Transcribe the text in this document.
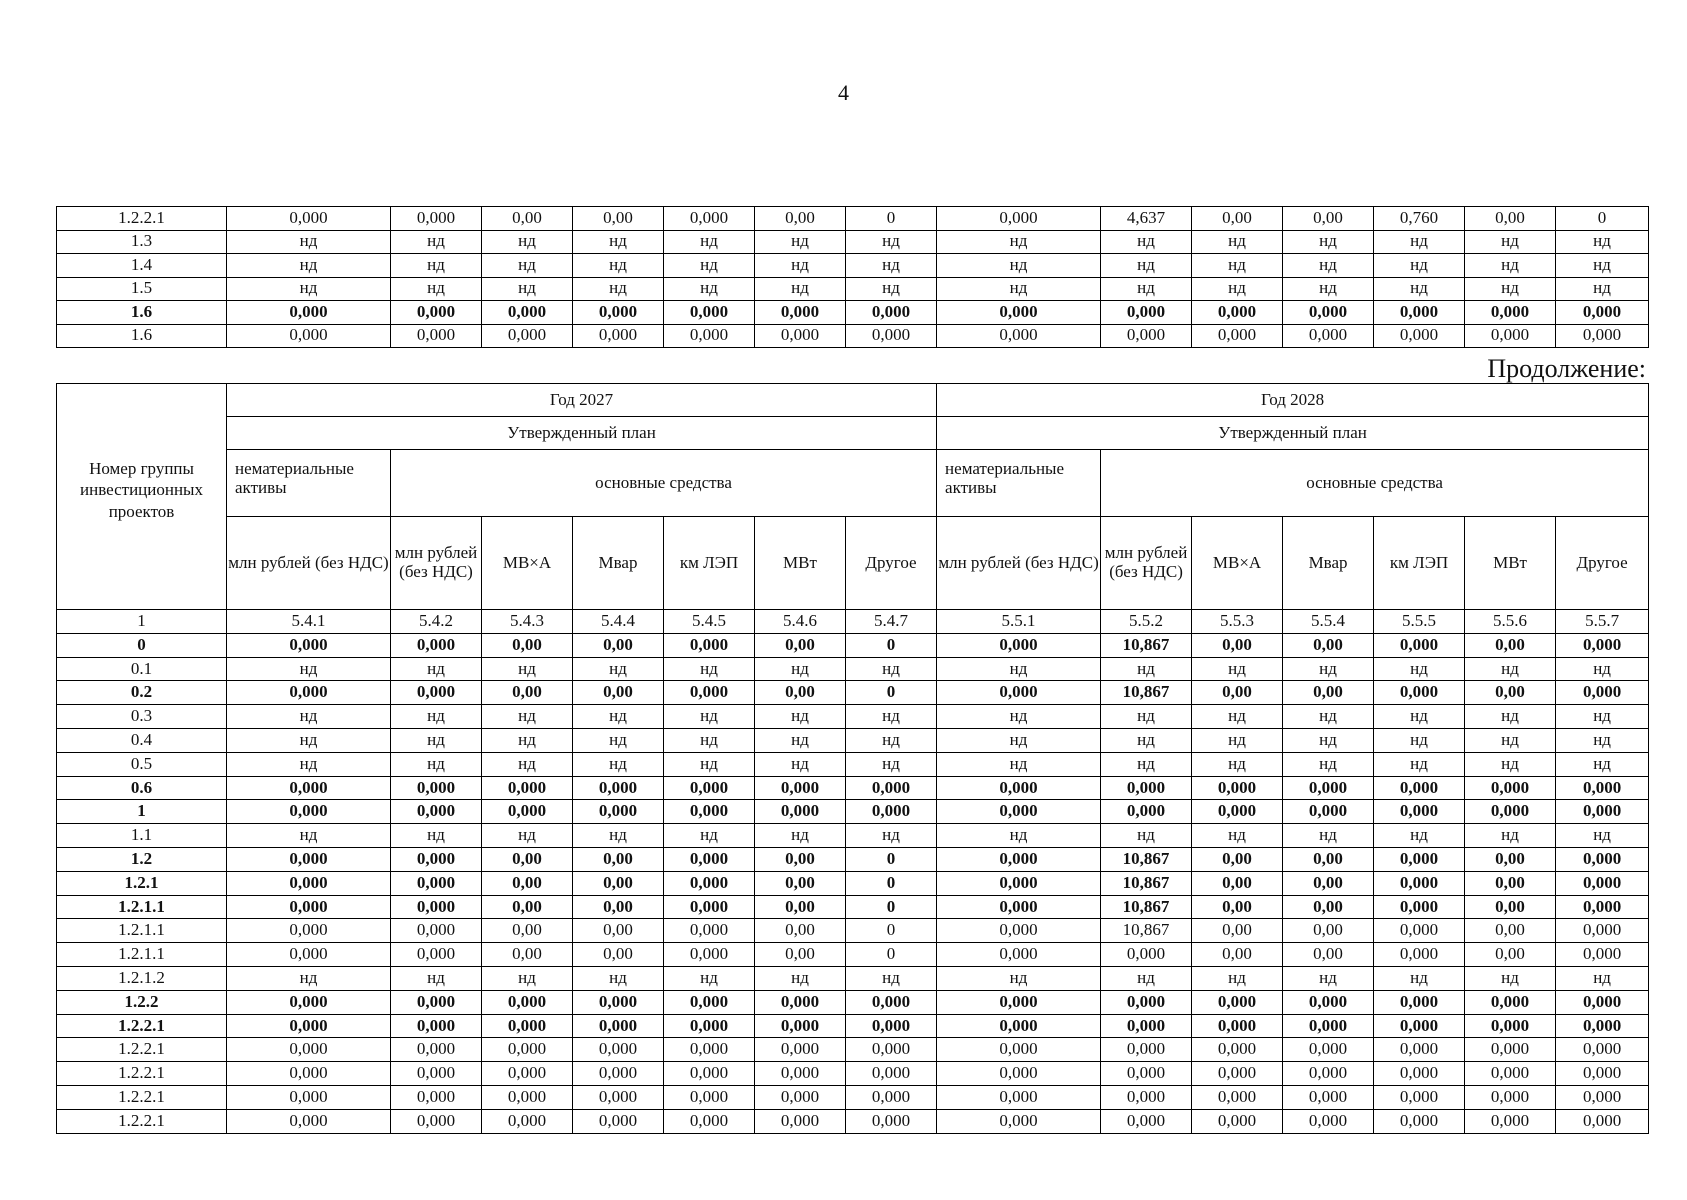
4
1.2.2.1	0,000	0,000	0,00	0,00	0,000	0,00	0	0,000	4,637	0,00	0,00	0,760	0,00	0
1.3	нд	нд	нд	нд	нд	нд	нд	нд	нд	нд	нд	нд	нд	нд
1.4	нд	нд	нд	нд	нд	нд	нд	нд	нд	нд	нд	нд	нд	нд
1.5	нд	нд	нд	нд	нд	нд	нд	нд	нд	нд	нд	нд	нд	нд
1.6	0,000	0,000	0,000	0,000	0,000	0,000	0,000	0,000	0,000	0,000	0,000	0,000	0,000	0,000
1.6	0,000	0,000	0,000	0,000	0,000	0,000	0,000	0,000	0,000	0,000	0,000	0,000	0,000	0,000
Продолжение:
Номер группы инвестиционных проектов	Год 2027							Год 2028						
	Утвержденный план							Утвержденный план						
	нематериальные активы	основные средства						нематериальные активы	основные средства					
	млн рублей (без НДС)	млн рублей (без НДС)	МВ×А	Мвар	км ЛЭП	МВт	Другое	млн рублей (без НДС)	млн рублей (без НДС)	МВ×А	Мвар	км ЛЭП	МВт	Другое
1	5.4.1	5.4.2	5.4.3	5.4.4	5.4.5	5.4.6	5.4.7	5.5.1	5.5.2	5.5.3	5.5.4	5.5.5	5.5.6	5.5.7
0	0,000	0,000	0,00	0,00	0,000	0,00	0	0,000	10,867	0,00	0,00	0,000	0,00	0,000
0.1	нд	нд	нд	нд	нд	нд	нд	нд	нд	нд	нд	нд	нд	нд
0.2	0,000	0,000	0,00	0,00	0,000	0,00	0	0,000	10,867	0,00	0,00	0,000	0,00	0,000
0.3	нд	нд	нд	нд	нд	нд	нд	нд	нд	нд	нд	нд	нд	нд
0.4	нд	нд	нд	нд	нд	нд	нд	нд	нд	нд	нд	нд	нд	нд
0.5	нд	нд	нд	нд	нд	нд	нд	нд	нд	нд	нд	нд	нд	нд
0.6	0,000	0,000	0,000	0,000	0,000	0,000	0,000	0,000	0,000	0,000	0,000	0,000	0,000	0,000
1	0,000	0,000	0,000	0,000	0,000	0,000	0,000	0,000	0,000	0,000	0,000	0,000	0,000	0,000
1.1	нд	нд	нд	нд	нд	нд	нд	нд	нд	нд	нд	нд	нд	нд
1.2	0,000	0,000	0,00	0,00	0,000	0,00	0	0,000	10,867	0,00	0,00	0,000	0,00	0,000
1.2.1	0,000	0,000	0,00	0,00	0,000	0,00	0	0,000	10,867	0,00	0,00	0,000	0,00	0,000
1.2.1.1	0,000	0,000	0,00	0,00	0,000	0,00	0	0,000	10,867	0,00	0,00	0,000	0,00	0,000
1.2.1.1	0,000	0,000	0,00	0,00	0,000	0,00	0	0,000	10,867	0,00	0,00	0,000	0,00	0,000
1.2.1.1	0,000	0,000	0,00	0,00	0,000	0,00	0	0,000	0,000	0,00	0,00	0,000	0,00	0,000
1.2.1.2	нд	нд	нд	нд	нд	нд	нд	нд	нд	нд	нд	нд	нд	нд
1.2.2	0,000	0,000	0,000	0,000	0,000	0,000	0,000	0,000	0,000	0,000	0,000	0,000	0,000	0,000
1.2.2.1	0,000	0,000	0,000	0,000	0,000	0,000	0,000	0,000	0,000	0,000	0,000	0,000	0,000	0,000
1.2.2.1	0,000	0,000	0,000	0,000	0,000	0,000	0,000	0,000	0,000	0,000	0,000	0,000	0,000	0,000
1.2.2.1	0,000	0,000	0,000	0,000	0,000	0,000	0,000	0,000	0,000	0,000	0,000	0,000	0,000	0,000
1.2.2.1	0,000	0,000	0,000	0,000	0,000	0,000	0,000	0,000	0,000	0,000	0,000	0,000	0,000	0,000
1.2.2.1	0,000	0,000	0,000	0,000	0,000	0,000	0,000	0,000	0,000	0,000	0,000	0,000	0,000	0,000
